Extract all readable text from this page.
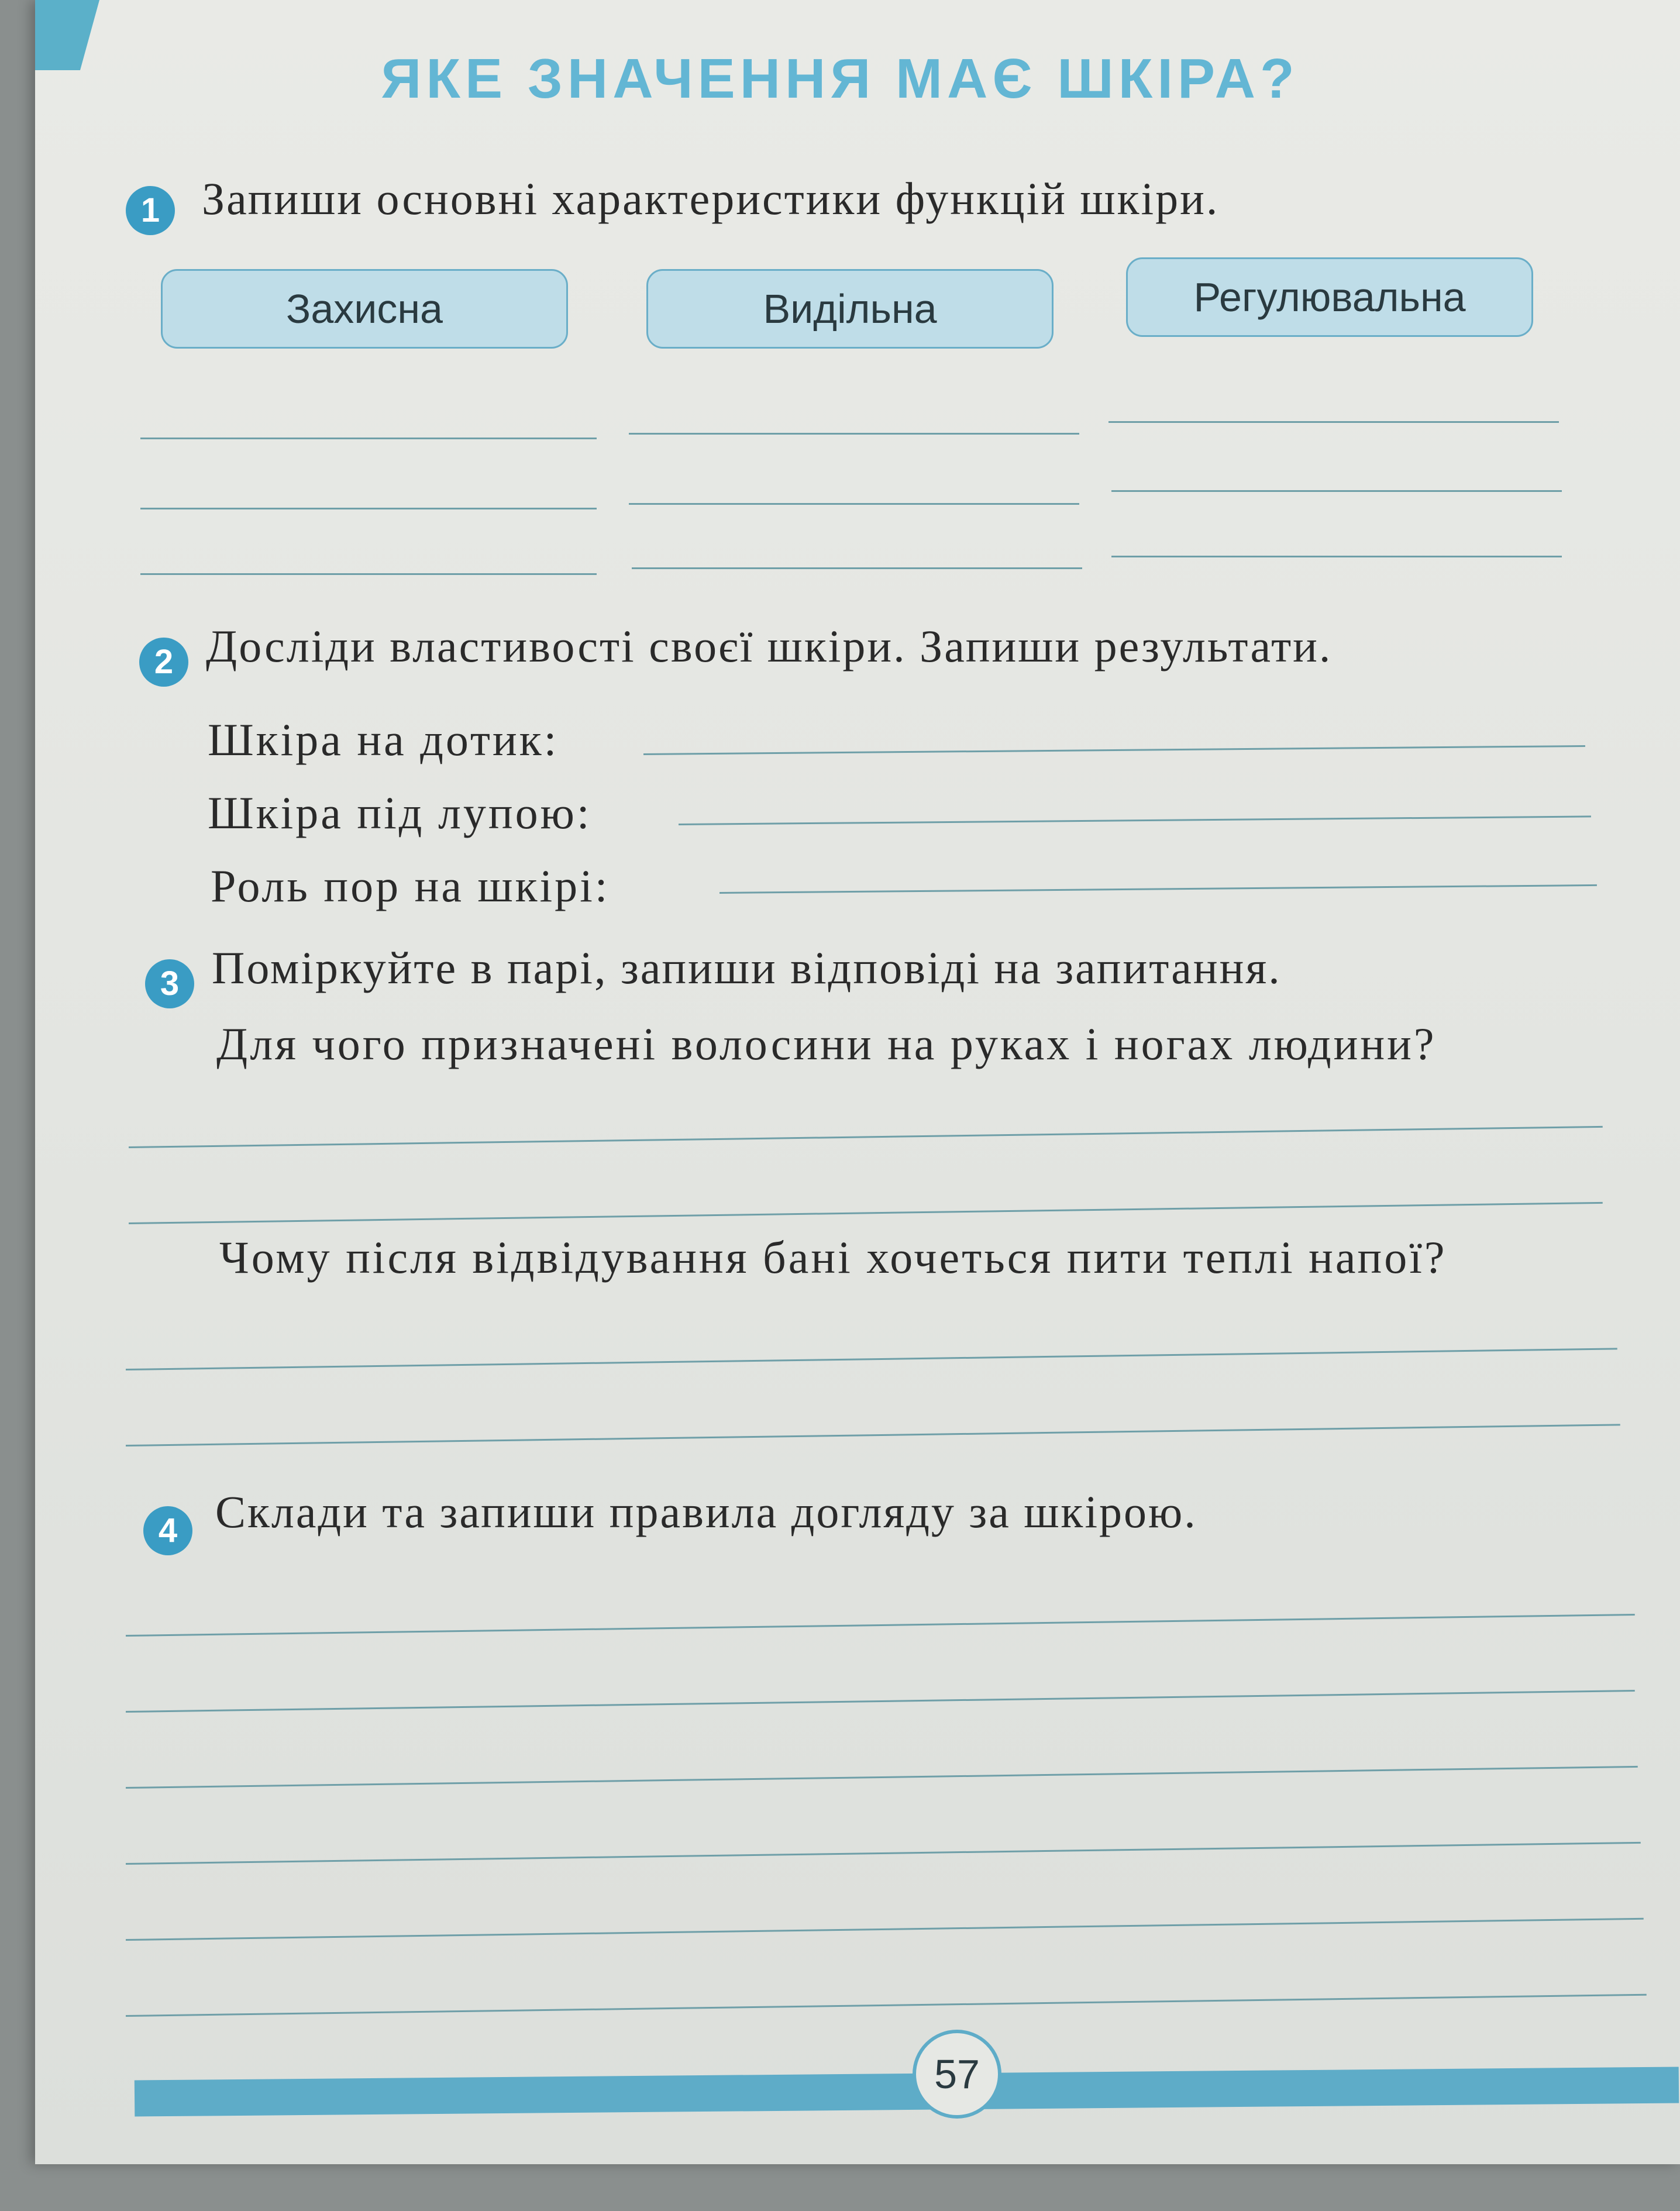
ЯКЕ ЗНАЧЕННЯ МАЄ ШКІРА?
1 Запиши основні характеристики функцій шкіри.
Захисна	Видільна	Регулювальна
2 Досліди властивості своєї шкіри. Запиши результати.
Шкіра на дотик:
Шкіра під лупою:
Роль пор на шкірі:
3 Поміркуйте в парі, запиши відповіді на запитання.
Для чого призначені волосини на руках і ногах людини?
Чому після відвідування бані хочеться пити теплі напої?
4 Склади та запиши правила догляду за шкірою.
57
